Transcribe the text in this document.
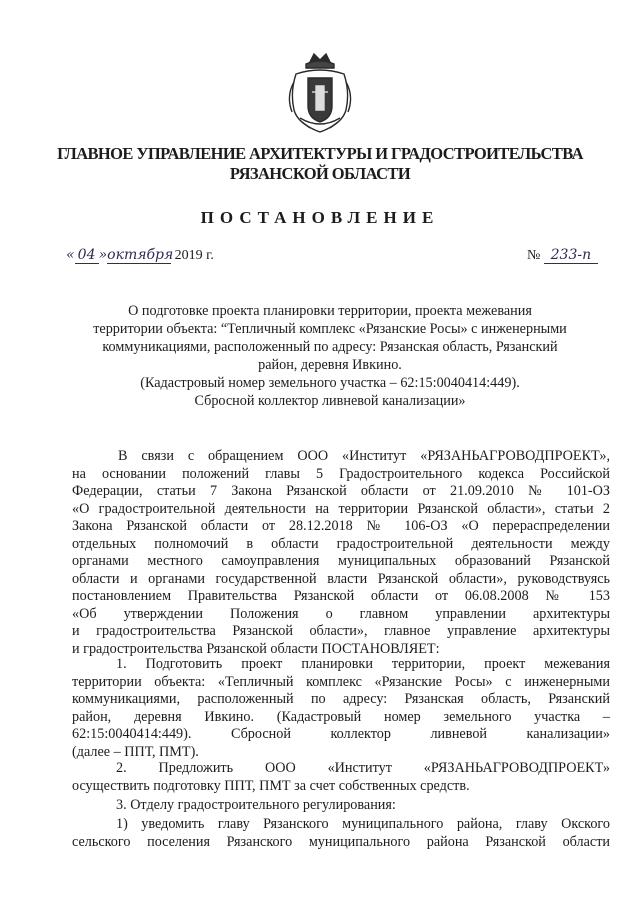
ГЛАВНОЕ УПРАВЛЕНИЕ АРХИТЕКТУРЫ И ГРАДОСТРОИТЕЛЬСТВА
РЯЗАНСКОЙ ОБЛАСТИ
ПОСТАНОВЛЕНИЕ
« 04 »октября 2019 г.	№ 233-п
О подготовке проекта планировки территории, проекта межевания
территории объекта: “Тепличный комплекс «Рязанские Росы» с инженерными
коммуникациями, расположенный по адресу: Рязанская область, Рязанский
район, деревня Ивкино.
(Кадастровый номер земельного участка – 62:15:0040414:449).
Сбросной коллектор ливневой канализации»
В связи с обращением ООО «Институт «РЯЗАНЬАГРОВОДПРОЕКТ»,
на основании положений главы 5 Градостроительного кодекса Российской
Федерации, статьи 7 Закона Рязанской области от 21.09.2010 № 101-ОЗ
«О градостроительной деятельности на территории Рязанской области», статьи 2
Закона Рязанской области от 28.12.2018 № 106-ОЗ «О перераспределении
отдельных полномочий в области градостроительной деятельности между
органами местного самоуправления муниципальных образований Рязанской
области и органами государственной власти Рязанской области», руководствуясь
постановлением Правительства Рязанской области от 06.08.2008 № 153
«Об утверждении Положения о главном управлении архитектуры
и градостроительства Рязанской области», главное управление архитектуры
и градостроительства Рязанской области ПОСТАНОВЛЯЕТ:
1. Подготовить проект планировки территории, проект межевания
территории объекта: «Тепличный комплекс «Рязанские Росы» с инженерными
коммуникациями, расположенный по адресу: Рязанская область, Рязанский
район, деревня Ивкино. (Кадастровый номер земельного участка –
62:15:0040414:449). Сбросной коллектор ливневой канализации»
(далее – ППТ, ПМТ).
2. Предложить ООО «Институт «РЯЗАНЬАГРОВОДПРОЕКТ»
осуществить подготовку ППТ, ПМТ за счет собственных средств.
3. Отделу градостроительного регулирования:
1) уведомить главу Рязанского муниципального района, главу Окского
сельского поселения Рязанского муниципального района Рязанской области
